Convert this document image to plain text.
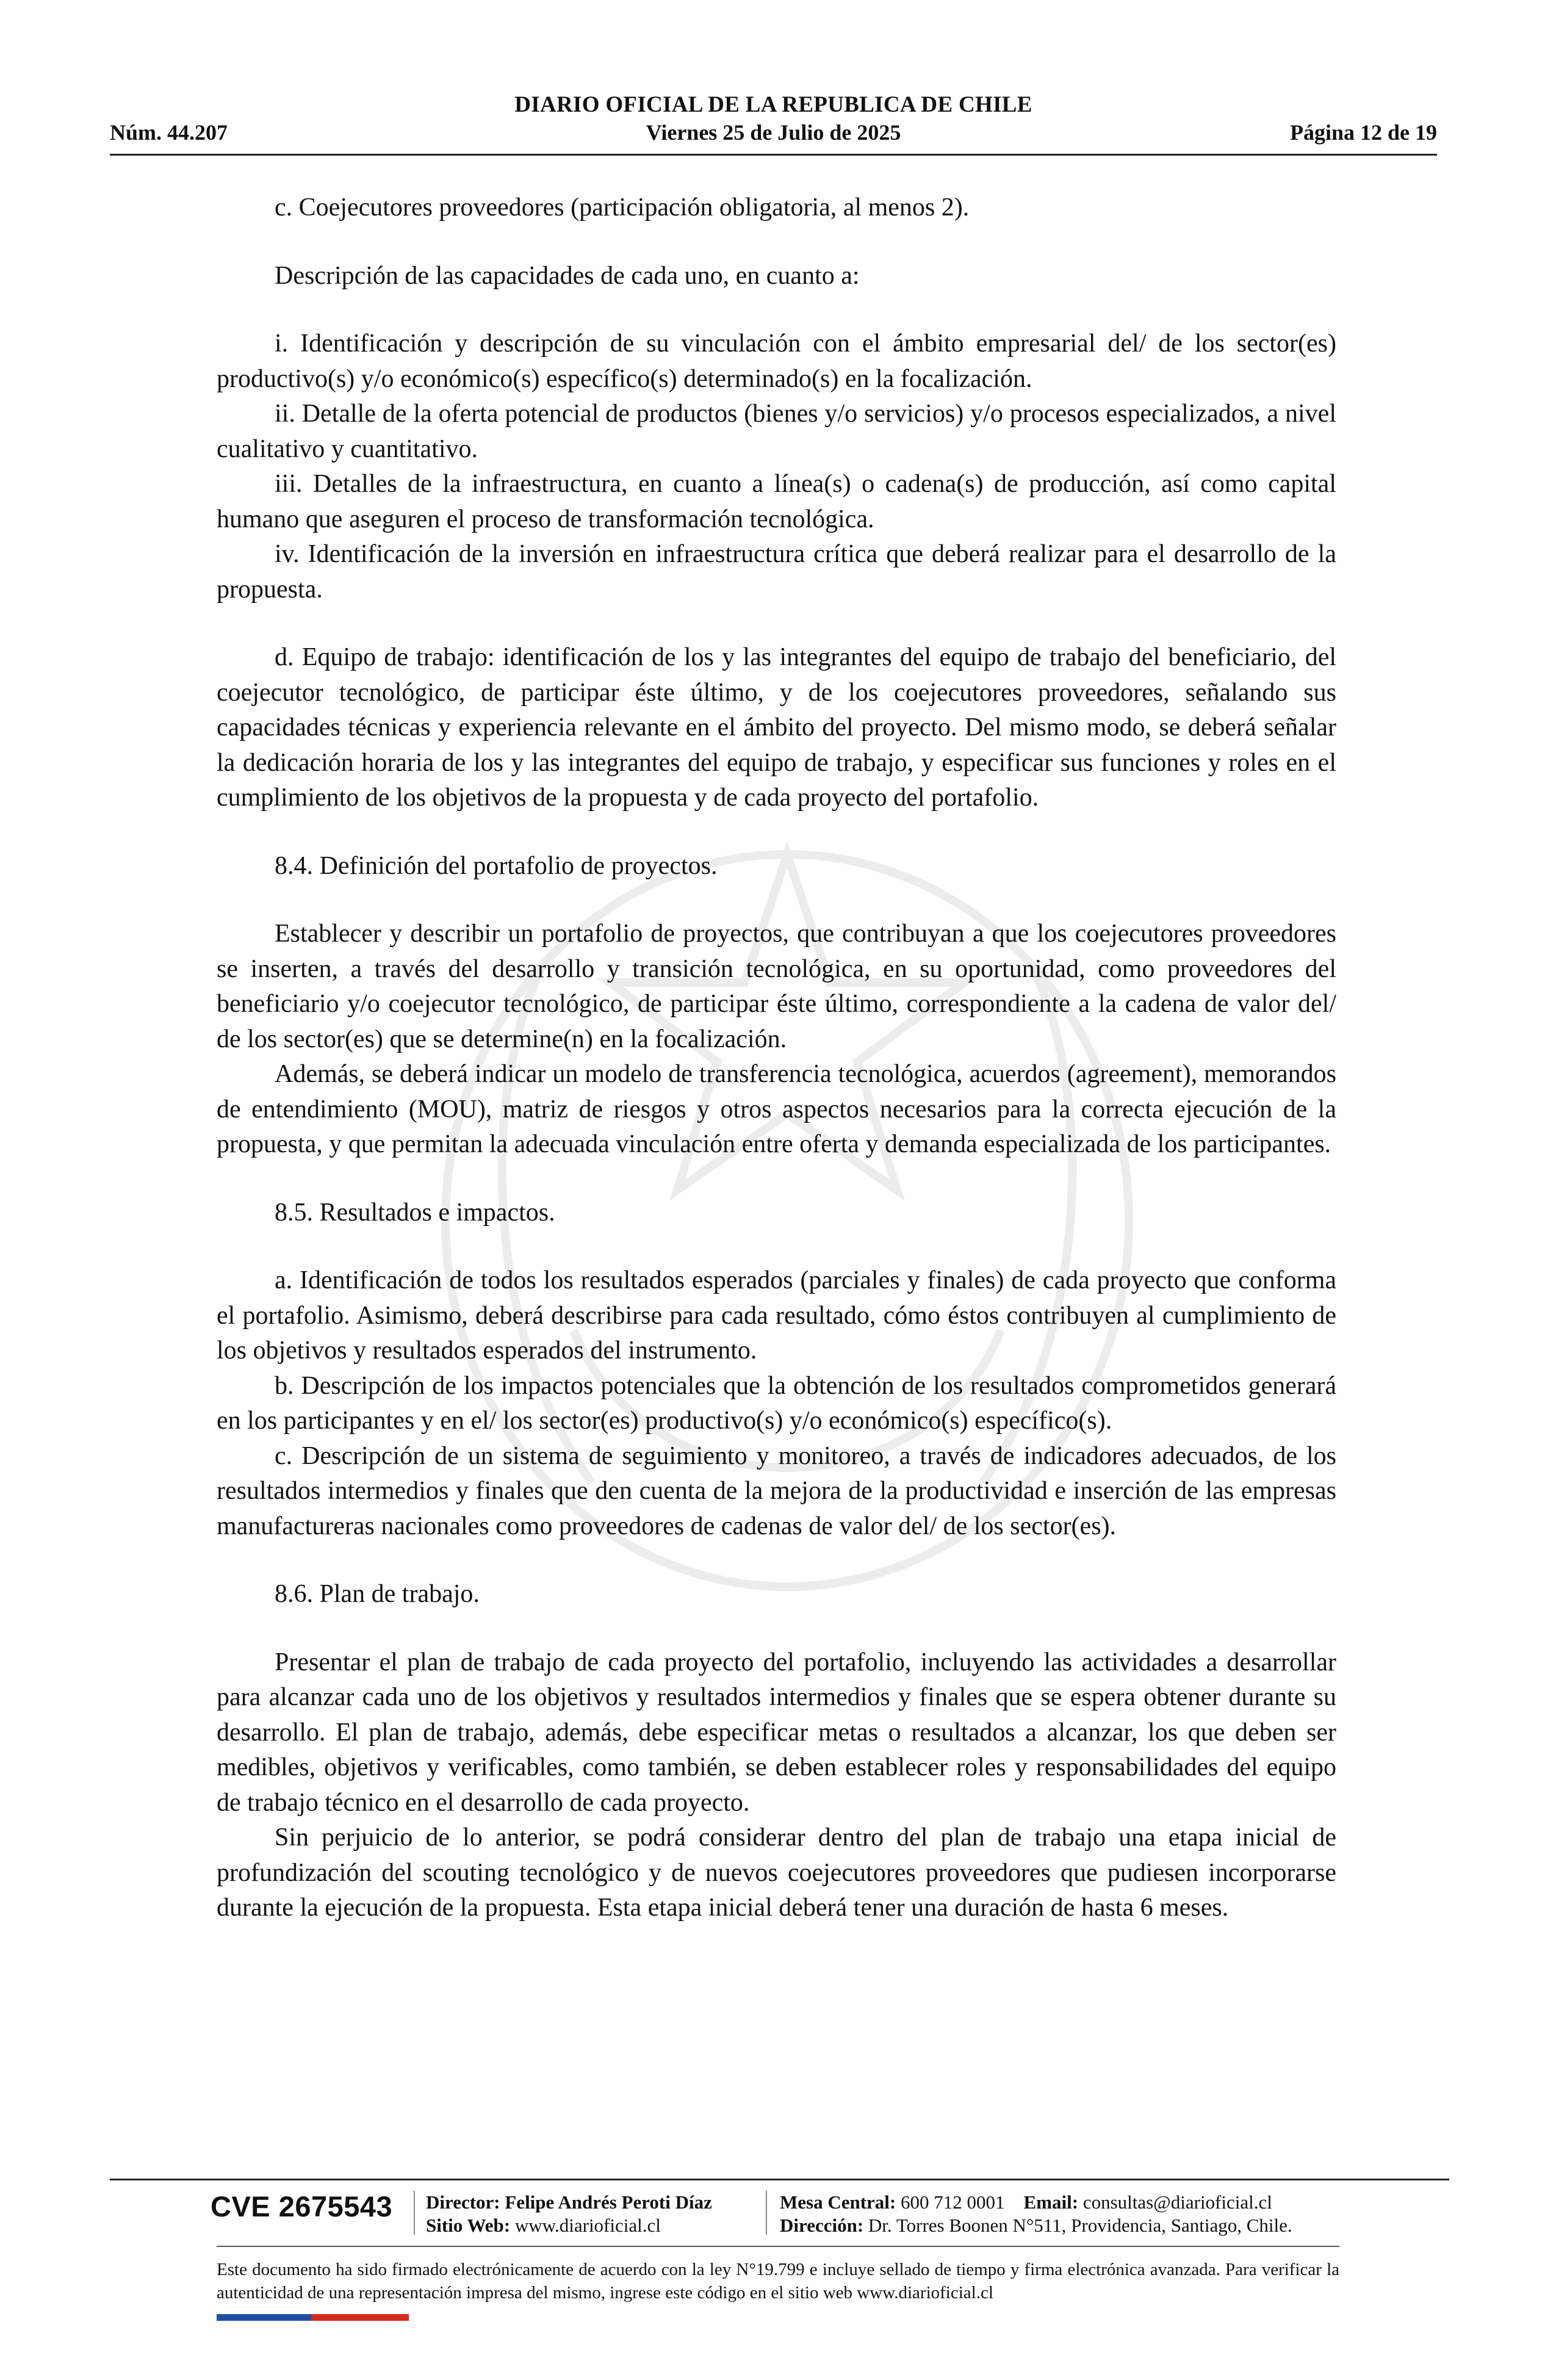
DIARIO OFICIAL DE LA REPUBLICA DE CHILE
Núm. 44.207	Viernes 25 de Julio de 2025	Página 12 de 19

c. Coejecutores proveedores (participación obligatoria, al menos 2).

Descripción de las capacidades de cada uno, en cuanto a:

i. Identificación y descripción de su vinculación con el ámbito empresarial del/ de los sector(es) productivo(s) y/o económico(s) específico(s) determinado(s) en la focalización.

ii. Detalle de la oferta potencial de productos (bienes y/o servicios) y/o procesos especializados, a nivel cualitativo y cuantitativo.

iii. Detalles de la infraestructura, en cuanto a línea(s) o cadena(s) de producción, así como capital humano que aseguren el proceso de transformación tecnológica.

iv. Identificación de la inversión en infraestructura crítica que deberá realizar para el desarrollo de la propuesta.

d. Equipo de trabajo: identificación de los y las integrantes del equipo de trabajo del beneficiario, del coejecutor tecnológico, de participar éste último, y de los coejecutores proveedores, señalando sus capacidades técnicas y experiencia relevante en el ámbito del proyecto. Del mismo modo, se deberá señalar la dedicación horaria de los y las integrantes del equipo de trabajo, y especificar sus funciones y roles en el cumplimiento de los objetivos de la propuesta y de cada proyecto del portafolio.

8.4. Definición del portafolio de proyectos.

Establecer y describir un portafolio de proyectos, que contribuyan a que los coejecutores proveedores se inserten, a través del desarrollo y transición tecnológica, en su oportunidad, como proveedores del beneficiario y/o coejecutor tecnológico, de participar éste último, correspondiente a la cadena de valor del/ de los sector(es) que se determine(n) en la focalización.

Además, se deberá indicar un modelo de transferencia tecnológica, acuerdos (agreement), memorandos de entendimiento (MOU), matriz de riesgos y otros aspectos necesarios para la correcta ejecución de la propuesta, y que permitan la adecuada vinculación entre oferta y demanda especializada de los participantes.

8.5. Resultados e impactos.

a. Identificación de todos los resultados esperados (parciales y finales) de cada proyecto que conforma el portafolio. Asimismo, deberá describirse para cada resultado, cómo éstos contribuyen al cumplimiento de los objetivos y resultados esperados del instrumento.

b. Descripción de los impactos potenciales que la obtención de los resultados comprometidos generará en los participantes y en el/ los sector(es) productivo(s) y/o económico(s) específico(s).

c. Descripción de un sistema de seguimiento y monitoreo, a través de indicadores adecuados, de los resultados intermedios y finales que den cuenta de la mejora de la productividad e inserción de las empresas manufactureras nacionales como proveedores de cadenas de valor del/ de los sector(es).

8.6. Plan de trabajo.

Presentar el plan de trabajo de cada proyecto del portafolio, incluyendo las actividades a desarrollar para alcanzar cada uno de los objetivos y resultados intermedios y finales que se espera obtener durante su desarrollo. El plan de trabajo, además, debe especificar metas o resultados a alcanzar, los que deben ser medibles, objetivos y verificables, como también, se deben establecer roles y responsabilidades del equipo de trabajo técnico en el desarrollo de cada proyecto.

Sin perjuicio de lo anterior, se podrá considerar dentro del plan de trabajo una etapa inicial de profundización del scouting tecnológico y de nuevos coejecutores proveedores que pudiesen incorporarse durante la ejecución de la propuesta. Esta etapa inicial deberá tener una duración de hasta 6 meses.

CVE 2675543 Director: Felipe Andrés Peroti Díaz
Sitio Web: www.diarioficial.cl
Mesa Central: 600 712 0001 Email: consultas@diarioficial.cl
Dirección: Dr. Torres Boonen N°511, Providencia, Santiago, Chile.
Este documento ha sido firmado electrónicamente de acuerdo con la ley N°19.799 e incluye sellado de tiempo y firma electrónica avanzada. Para verificar la autenticidad de una representación impresa del mismo, ingrese este código en el sitio web www.diarioficial.cl
